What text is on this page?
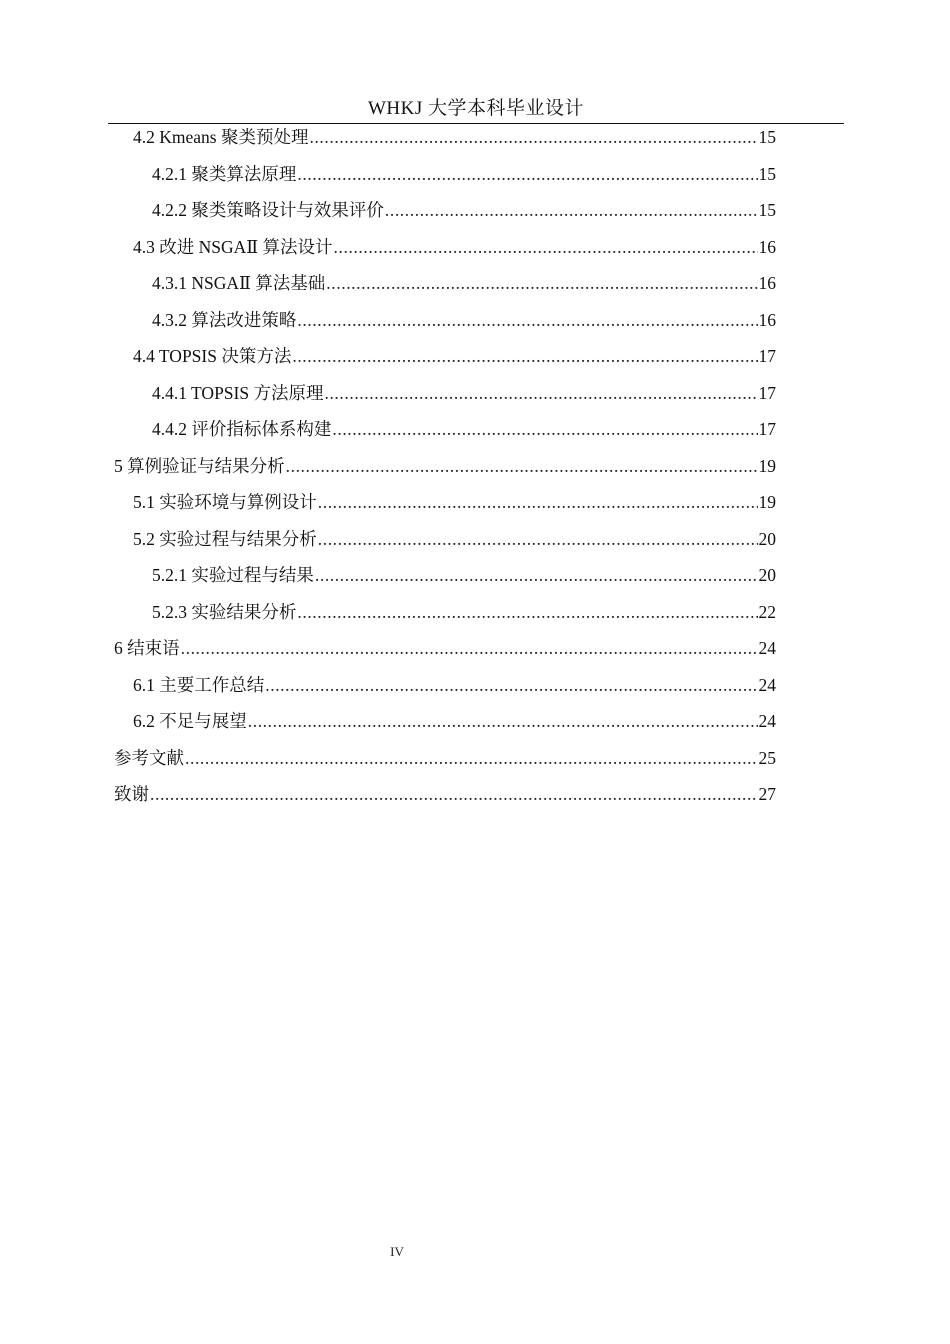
WHKJ 大学本科毕业设计
4.2 Kmeans 聚类预处理 .....	15
4.2.1 聚类算法原理 .....	15
4.2.2 聚类策略设计与效果评价 .....	15
4.3 改进 NSGAⅡ 算法设计 .....	16
4.3.1 NSGAⅡ 算法基础 .....	16
4.3.2 算法改进策略 .....	16
4.4 TOPSIS 决策方法 .....	17
4.4.1 TOPSIS 方法原理 .....	17
4.4.2 评价指标体系构建 .....	17
5 算例验证与结果分析 .....	19
5.1 实验环境与算例设计 .....	19
5.2 实验过程与结果分析 .....	20
5.2.1 实验过程与结果 .....	20
5.2.3 实验结果分析 .....	22
6 结束语 .....	24
6.1 主要工作总结 .....	24
6.2 不足与展望 .....	24
参考文献 .....	25
致谢 .....	27
IV
